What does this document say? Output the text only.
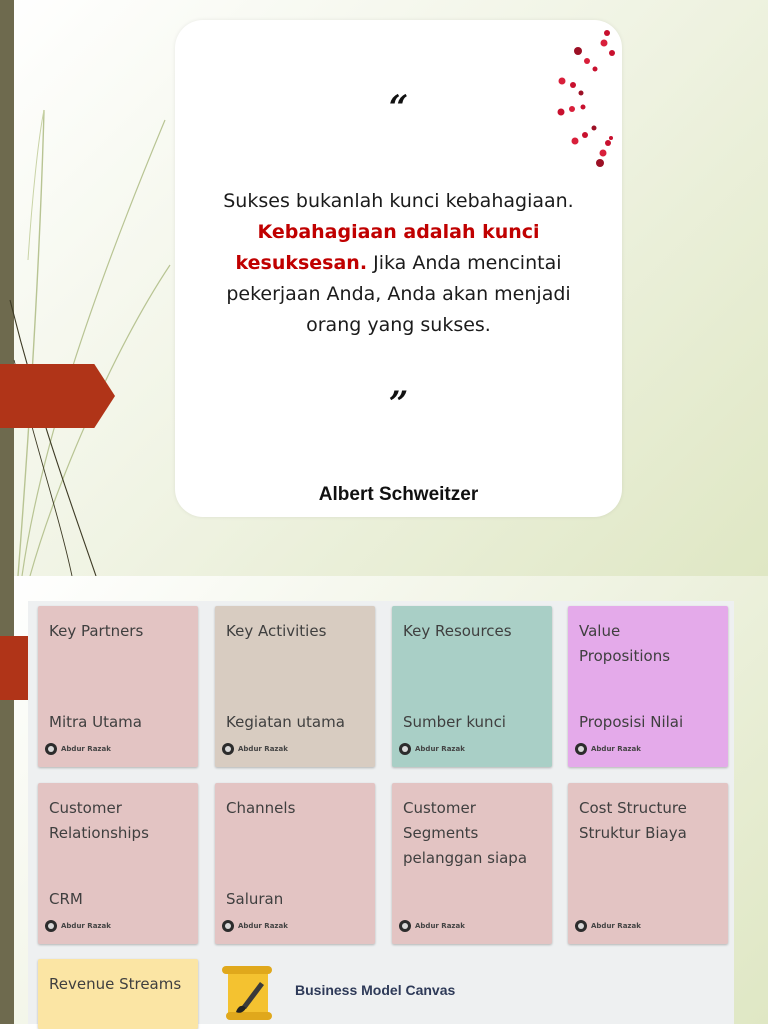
“
Sukses bukanlah kunci kebahagiaan. Kebahagiaan adalah kunci kesuksesan. Jika Anda mencintai pekerjaan Anda, Anda akan menjadi orang yang sukses.
”
Albert Schweitzer
Key Partners
Mitra Utama
Abdur Razak
Key Activities
Kegiatan utama
Abdur Razak
Key Resources
Sumber kunci
Abdur Razak
Value Propositions
Proposisi Nilai
Abdur Razak
Customer Relationships
CRM
Abdur Razak
Channels
Saluran
Abdur Razak
Customer Segments pelanggan siapa
Abdur Razak
Cost Structure Struktur Biaya
Abdur Razak
Revenue Streams	Business Model Canvas
